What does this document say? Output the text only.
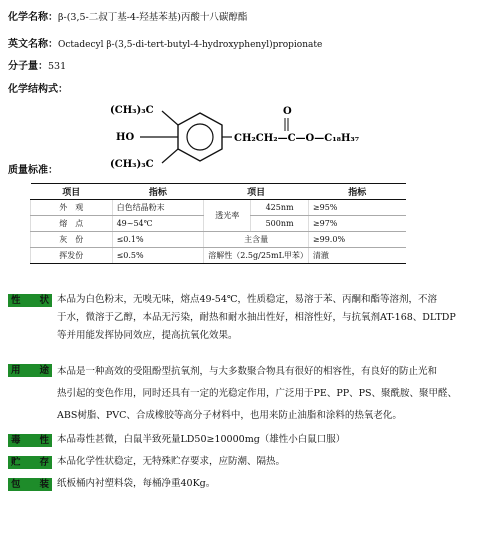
化学名称：β-(3,5-二叔丁基-4-羟基苯基)丙酸十八碳醇酯
英文名称：Octadecyl β-(3,5-di-tert-butyl-4-hydroxyphenyl)propionate
分子量：531
化学结构式：
(CH₃)₃C
(CH₃)₃C
HO	CH₂CH₂—C—O—C₁₈H₃₇
O
质量标准：
项目	指标	项目		指标
外　观	白色结晶粉末	透光率	425nm	≥95%
熔　点	49~54℃		500nm	≥97%
灰　份	≤0.1%	主含量		≥99.0%
挥发份	≤0.5%	溶解性（2.5g/25mL甲苯）		清澈
性 状 本品为白色粉末，无嗅无味，熔点49-54℃，性质稳定，易溶于苯、丙酮和酯等溶剂，不溶
于水，微溶于乙醇，本品无污染，耐热和耐水抽出性好，相溶性好，与抗氧剂AT-168、DLTDP
等并用能发挥协同效应，提高抗氧化效果。
用 途 本品是一种高效的受阻酚型抗氧剂，与大多数聚合物具有很好的相容性，有良好的防止光和
热引起的变色作用，同时还具有一定的光稳定作用，广泛用于PE、PP、PS、聚酰胺、聚甲醛、
ABS树脂、PVC、合成橡胶等高分子材料中，也用来防止油脂和涂料的热氧老化。
毒 性 本品毒性甚微，白鼠半致死量LD50≥10000mg（雄性小白鼠口服）
贮 存 本品化学性状稳定，无特殊贮存要求，应防潮、隔热。
包 装 纸板桶内衬塑料袋，每桶净重40Kg。
